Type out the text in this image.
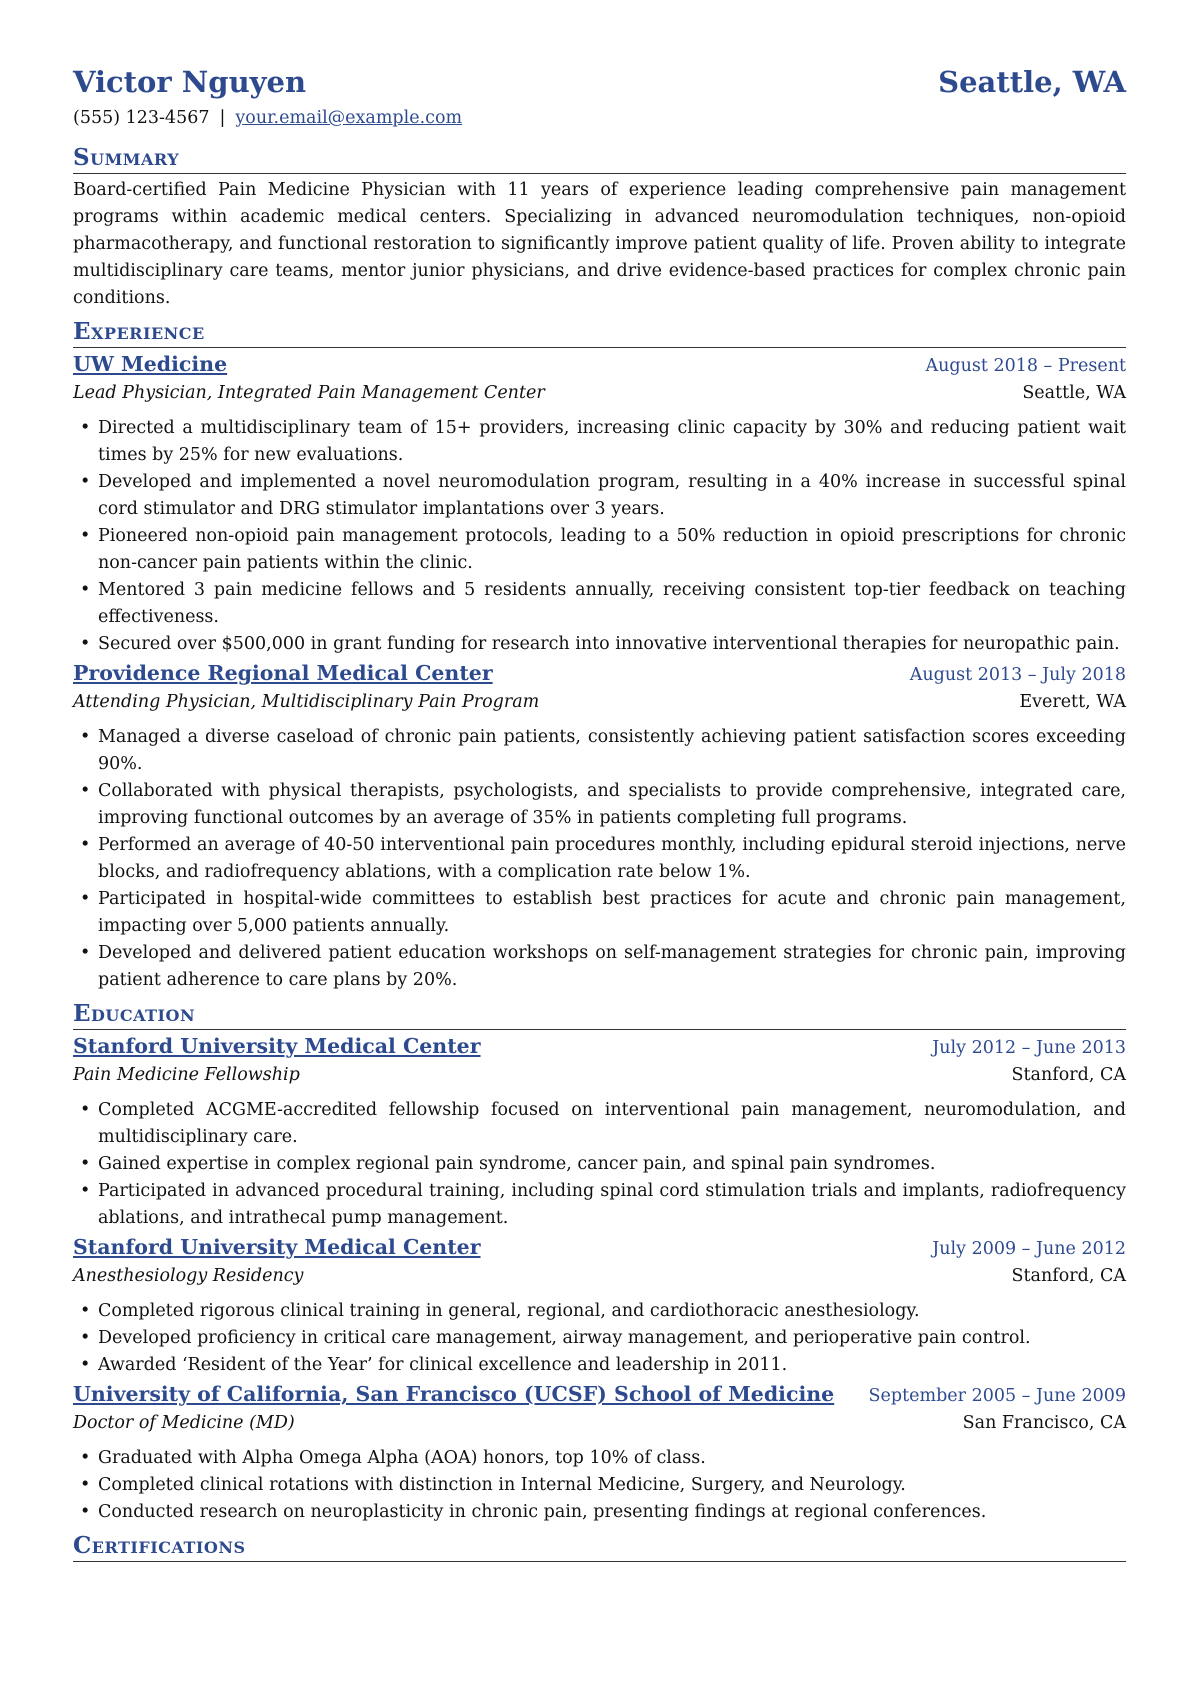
Victor Nguyen	Seattle, WA
(555) 123-4567 | your.email@example.com
Summary
Board-certified Pain Medicine Physician with 11 years of experience leading comprehensive pain management programs within academic medical centers. Specializing in advanced neuromodulation techniques, non-opioid pharmacotherapy, and functional restoration to significantly improve patient quality of life. Proven ability to integrate multidisciplinary care teams, mentor junior physicians, and drive evidence-based practices for complex chronic pain conditions.
Experience
UW Medicine	August 2018 – Present
Lead Physician, Integrated Pain Management Center	Seattle, WA
• Directed a multidisciplinary team of 15+ providers, increasing clinic capacity by 30% and reducing patient wait times by 25% for new evaluations.
• Developed and implemented a novel neuromodulation program, resulting in a 40% increase in successful spinal cord stimulator and DRG stimulator implantations over 3 years.
• Pioneered non-opioid pain management protocols, leading to a 50% reduction in opioid prescriptions for chronic non-cancer pain patients within the clinic.
• Mentored 3 pain medicine fellows and 5 residents annually, receiving consistent top-tier feedback on teaching effectiveness.
• Secured over $500,000 in grant funding for research into innovative interventional therapies for neuropathic pain.
Providence Regional Medical Center	August 2013 – July 2018
Attending Physician, Multidisciplinary Pain Program	Everett, WA
• Managed a diverse caseload of chronic pain patients, consistently achieving patient satisfaction scores exceeding 90%.
• Collaborated with physical therapists, psychologists, and specialists to provide comprehensive, integrated care, improving functional outcomes by an average of 35% in patients completing full programs.
• Performed an average of 40-50 interventional pain procedures monthly, including epidural steroid injections, nerve blocks, and radiofrequency ablations, with a complication rate below 1%.
• Participated in hospital-wide committees to establish best practices for acute and chronic pain management, impacting over 5,000 patients annually.
• Developed and delivered patient education workshops on self-management strategies for chronic pain, improving patient adherence to care plans by 20%.
Education
Stanford University Medical Center	July 2012 – June 2013
Pain Medicine Fellowship	Stanford, CA
• Completed ACGME-accredited fellowship focused on interventional pain management, neuromodulation, and multidisciplinary care.
• Gained expertise in complex regional pain syndrome, cancer pain, and spinal pain syndromes.
• Participated in advanced procedural training, including spinal cord stimulation trials and implants, radiofrequency ablations, and intrathecal pump management.
Stanford University Medical Center	July 2009 – June 2012
Anesthesiology Residency	Stanford, CA
• Completed rigorous clinical training in general, regional, and cardiothoracic anesthesiology.
• Developed proficiency in critical care management, airway management, and perioperative pain control.
• Awarded ‘Resident of the Year’ for clinical excellence and leadership in 2011.
University of California, San Francisco (UCSF) School of Medicine September 2005 – June 2009
Doctor of Medicine (MD)	San Francisco, CA
• Graduated with Alpha Omega Alpha (AOA) honors, top 10% of class.
• Completed clinical rotations with distinction in Internal Medicine, Surgery, and Neurology.
• Conducted research on neuroplasticity in chronic pain, presenting findings at regional conferences.
Certifications
